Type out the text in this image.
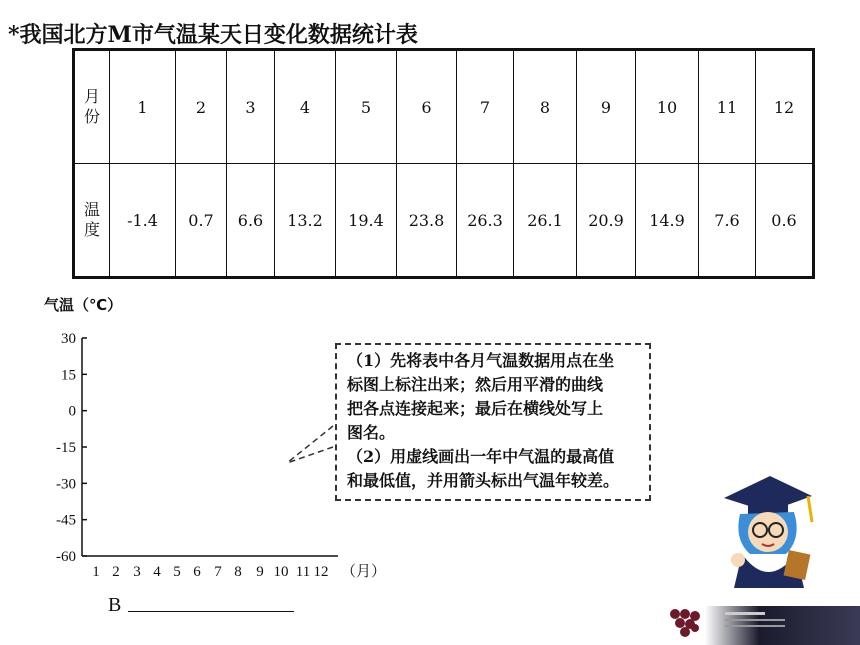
*我国北方M市气温某天日变化数据统计表
月
份	1	2	3	4	5	6	7	8	9	10	11	12

温
度	-1.4	0.7	6.6	13.2	19.4	23.8	26.3	26.1	20.9	14.9	7.6	0.6
气温（℃）
30
15
0
-15
-30
-45
-60
1 2 3 4 5 6 7 8 9 10 11 12 （月）

（1）先将表中各月气温数据用点在坐

标图上标注出来；然后用平滑的曲线

把各点连接起来；最后在横线处写上

图名。

（2）用虚线画出一年中气温的最高值

和最低值，并用箭头标出气温年较差。

B
